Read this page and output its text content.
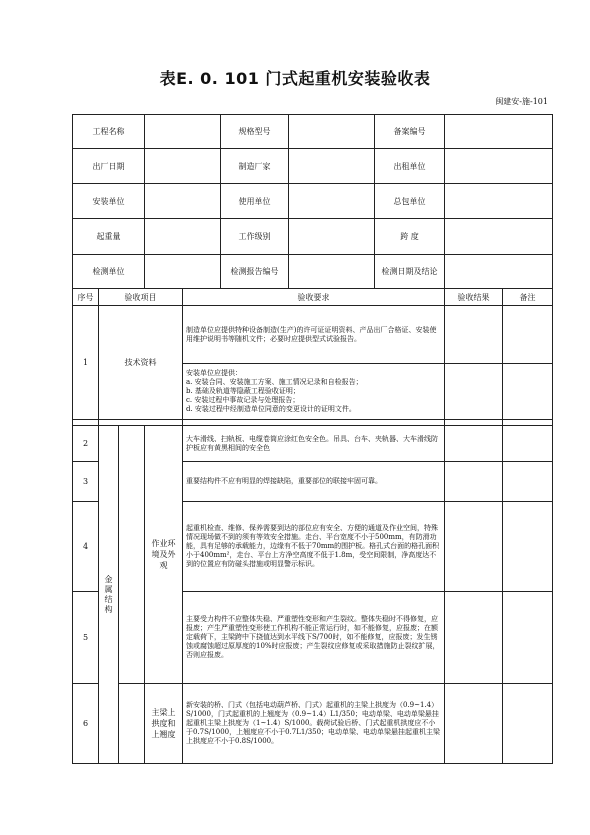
表E. 0. 101 门式起重机安装验收表
闽建安-施-101
工程名称					规格型号		备案编号		
出厂日期					制造厂家		出租单位		
安装单位					使用单位		总包单位		
起重量					工作级别		跨 度		
检测单位					检测报告编号		检测日期及结论		
序号	验收项目			验收要求				验收结果	备注
1	技术资料			制造单位应提供特种设备制造(生产)的许可证证明资料、产品出厂合格证、安装使用维护说明书等随机文件；必要时应提供型式试验报告。					

				安装单位应提供：
a. 安装合同、安装施工方案、施工情况记录和自检报告；
b. 基础及轨道等隐蔽工程验收证明；
c. 安装过程中事故记录与处理报告；
d. 安装过程中经制造单位同意的变更设计的证明文件。					

2	金属结构		作业环境及外观	大车滑线、扫轨板、电缆卷筒应涂红色安全色。吊具、台车、夹轨器、大车滑线防护板应有黄黑相间的安全色					
3				重要结构件不应有明显的焊接缺陷，重要部位的联接牢固可靠。					
4				起重机检查、维修、保养需要到达的部位应有安全、方便的通道及作业空间，特殊情况现场做不到的须有等效安全措施。走台、平台宽度不小于500mm，有防滑功能，具有足够的承载能力，边缘有不低于70mm的围护板。格孔式台面的格孔面积小于400mm²，走台、平台上方净空高度不低于1.8m，受空间限制，净高度达不到的位置应有防碰头措施或明显警示标识。					
5				主要受力构件不应整体失稳、严重塑性变形和产生裂纹。整体失稳时不得修复，应报废；产生严重塑性变形使工作机构不能正常运行时，如不能修复，应报废；在额定载荷下，主梁跨中下挠值达到水平线下S/700时，如不能修复，应报废；发生锈蚀或腐蚀超过原厚度的10%时应报废；产生裂纹应修复或采取措施防止裂纹扩展，否则应报废。					
6			主梁上拱度和上翘度	新安装的桥、门式（包括电动葫芦桥、门式）起重机的主梁上拱度为（0.9~1.4）S/1000，门式起重机的上翘度为（0.9~1.4）L1/350；电动单梁、电动单梁悬挂起重机主梁上拱度为（1~1.4）S/1000。载荷试验后桥、门式起重机拱度应不小于0.7S/1000，上翘度应不小于0.7L1/350；电动单梁、电动单梁悬挂起重机主梁上拱度应不小于0.8S/1000。					
